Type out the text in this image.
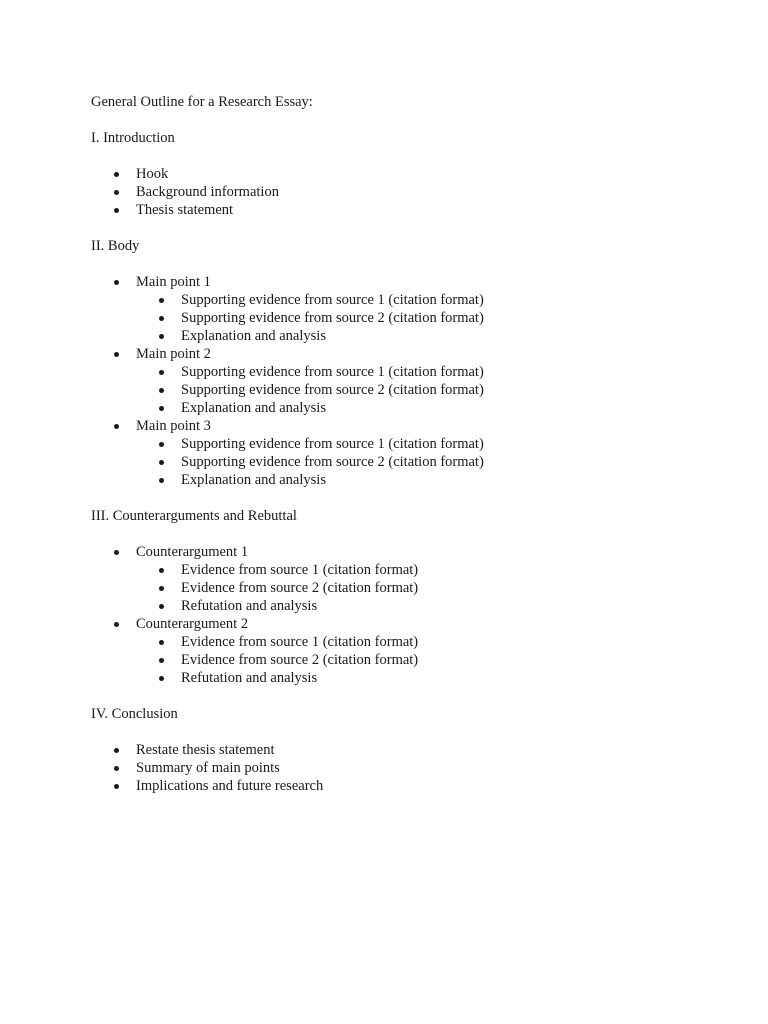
General Outline for a Research Essay:
I. Introduction
Hook
Background information
Thesis statement
II. Body
Main point 1
Supporting evidence from source 1 (citation format)
Supporting evidence from source 2 (citation format)
Explanation and analysis
Main point 2
Supporting evidence from source 1 (citation format)
Supporting evidence from source 2 (citation format)
Explanation and analysis
Main point 3
Supporting evidence from source 1 (citation format)
Supporting evidence from source 2 (citation format)
Explanation and analysis
III. Counterarguments and Rebuttal
Counterargument 1
Evidence from source 1 (citation format)
Evidence from source 2 (citation format)
Refutation and analysis
Counterargument 2
Evidence from source 1 (citation format)
Evidence from source 2 (citation format)
Refutation and analysis
IV. Conclusion
Restate thesis statement
Summary of main points
Implications and future research
